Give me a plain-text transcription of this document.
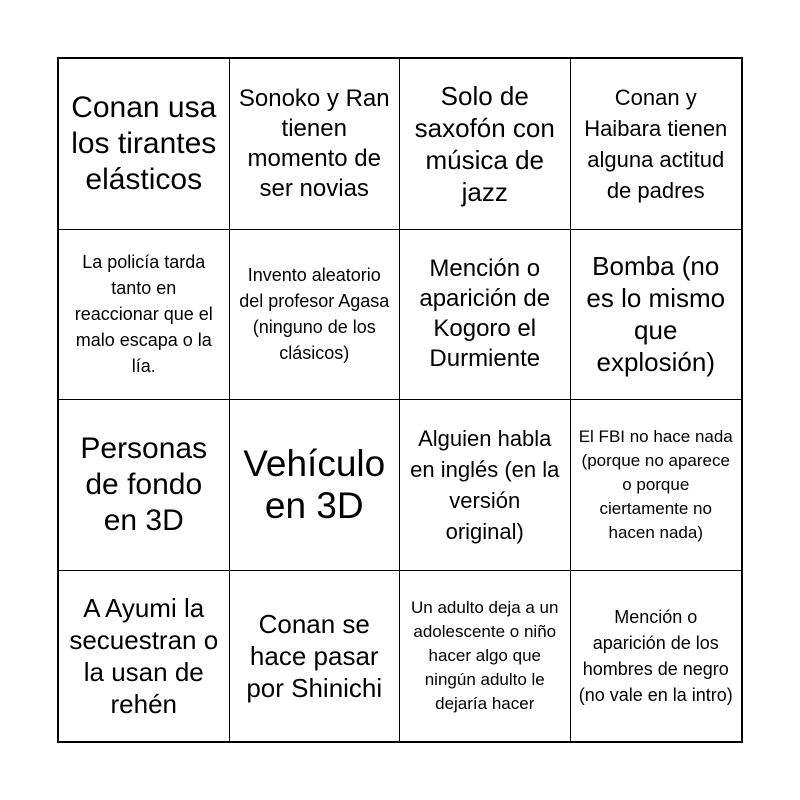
Conan usa los tirantes elásticos
Sonoko y Ran tienen momento de ser novias
Solo de saxofón con música de jazz
Conan y Haibara tienen alguna actitud de padres
La policía tarda tanto en reaccionar que el malo escapa o la lía.
Invento aleatorio del profesor Agasa (ninguno de los clásicos)
Mención o aparición de Kogoro el Durmiente
Bomba (no es lo mismo que explosión)
Personas de fondo en 3D
Vehículo en 3D
Alguien habla en inglés (en la versión original)
El FBI no hace nada (porque no aparece o porque ciertamente no hacen nada)
A Ayumi la secuestran o la usan de rehén
Conan se hace pasar por Shinichi
Un adulto deja a un adolescente o niño hacer algo que ningún adulto le dejaría hacer
Mención o aparición de los hombres de negro (no vale en la intro)
